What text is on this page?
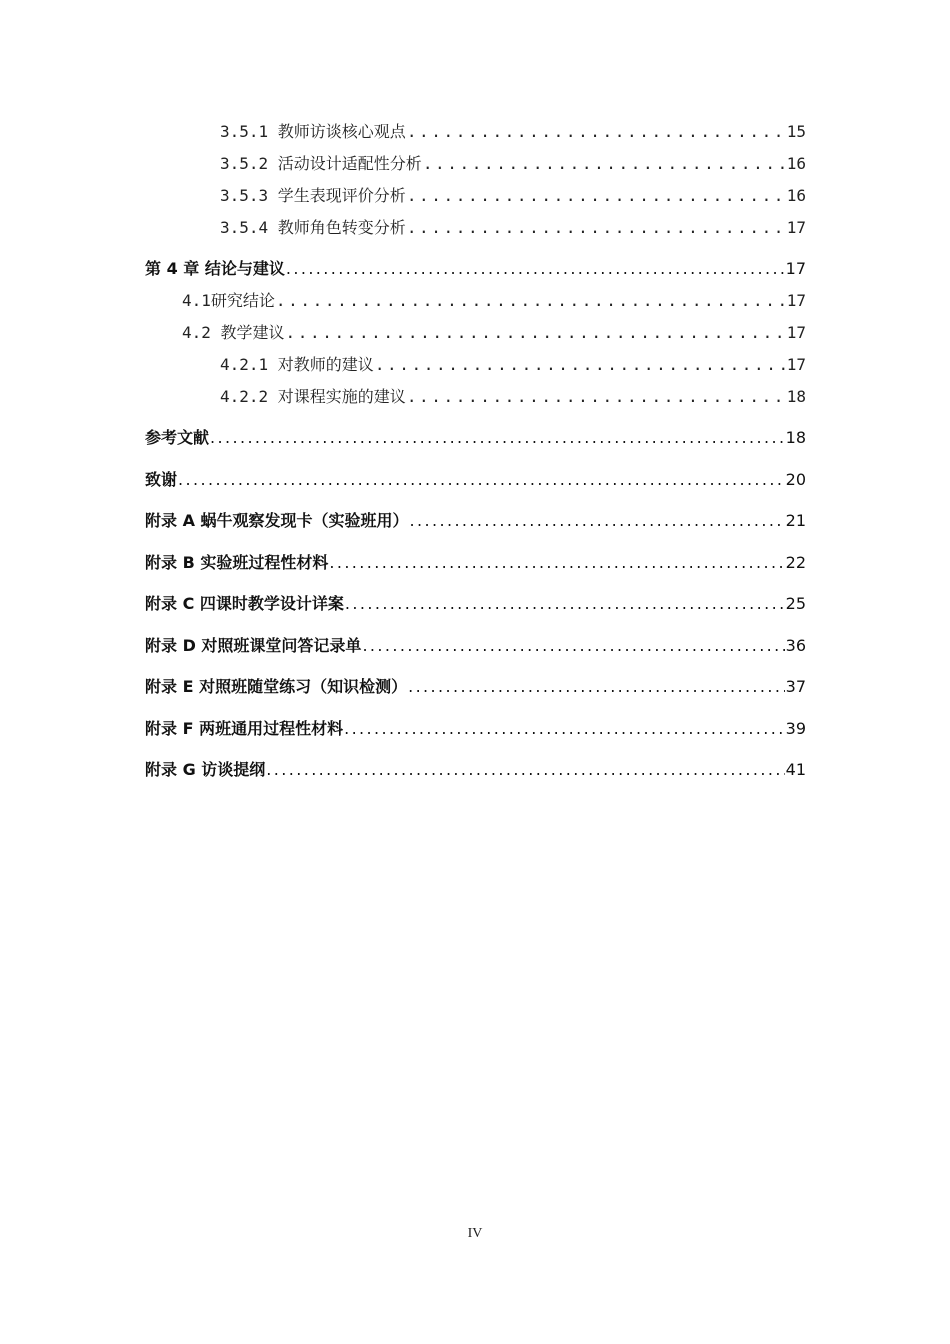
3.5.1 教师访谈核心观点 .....	15
3.5.2 活动设计适配性分析 .....	16
3.5.3 学生表现评价分析 .....	16
3.5.4 教师角色转变分析 .....	17
第 4 章 结论与建议 .....	17
4.1研究结论 .....	17
4.2 教学建议 .....	17
4.2.1 对教师的建议 .....	17
4.2.2 对课程实施的建议 .....	18
参考文献 .....	18
致谢 .....	20
附录 A 蜗牛观察发现卡（实验班用） .....	21
附录 B 实验班过程性材料 .....	22
附录 C 四课时教学设计详案 .....	25
附录 D 对照班课堂问答记录单 .....	36
附录 E 对照班随堂练习（知识检测） .....	37
附录 F 两班通用过程性材料 .....	39
附录 G 访谈提纲 .....	41
IV
